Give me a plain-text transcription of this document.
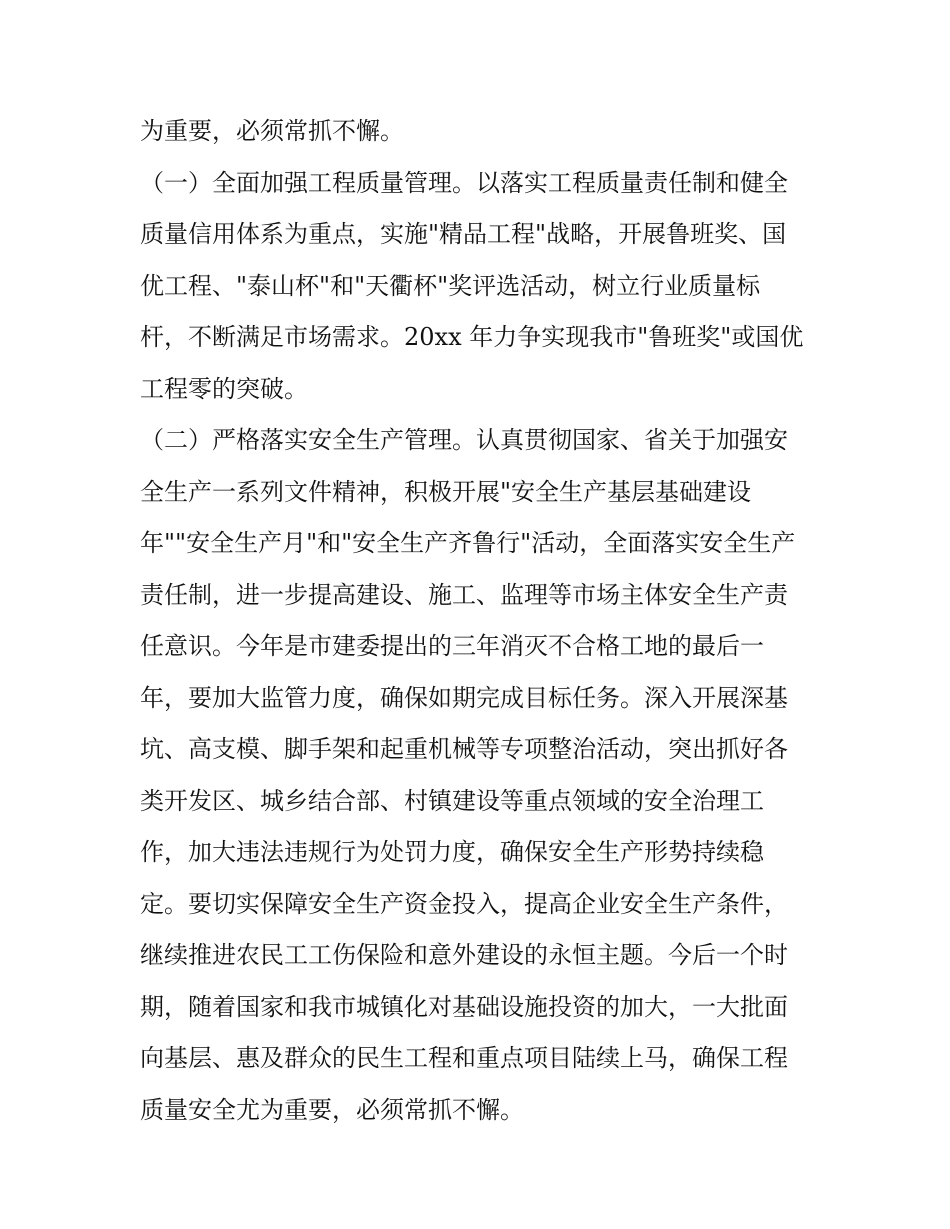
为重要，必须常抓不懈。
（一）全面加强工程质量管理。以落实工程质量责任制和健全
质量信用体系为重点，实施"精品工程"战略，开展鲁班奖、国
优工程、"泰山杯"和"天衢杯"奖评选活动，树立行业质量标
杆，不断满足市场需求。20xx 年力争实现我市"鲁班奖"或国优
工程零的突破。
（二）严格落实安全生产管理。认真贯彻国家、省关于加强安
全生产一系列文件精神，积极开展"安全生产基层基础建设
年""安全生产月"和"安全生产齐鲁行"活动，全面落实安全生产
责任制，进一步提高建设、施工、监理等市场主体安全生产责
任意识。今年是市建委提出的三年消灭不合格工地的最后一
年，要加大监管力度，确保如期完成目标任务。深入开展深基
坑、高支模、脚手架和起重机械等专项整治活动，突出抓好各
类开发区、城乡结合部、村镇建设等重点领域的安全治理工
作，加大违法违规行为处罚力度，确保安全生产形势持续稳
定。要切实保障安全生产资金投入，提高企业安全生产条件，
继续推进农民工工伤保险和意外建设的永恒主题。今后一个时
期，随着国家和我市城镇化对基础设施投资的加大，一大批面
向基层、惠及群众的民生工程和重点项目陆续上马，确保工程
质量安全尤为重要，必须常抓不懈。
